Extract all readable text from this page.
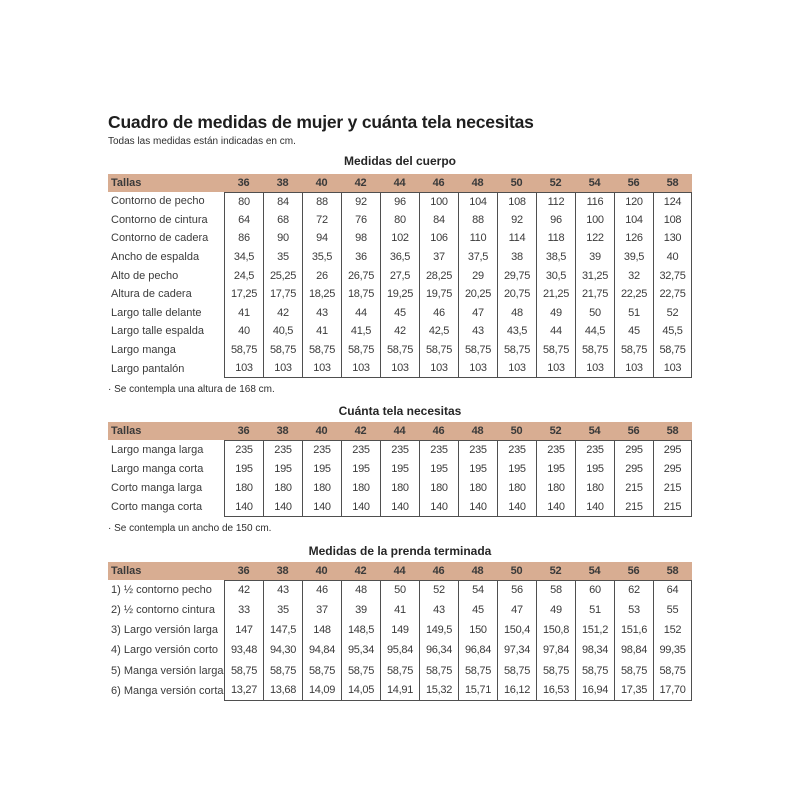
Cuadro de medidas de mujer y cuánta tela necesitas
Todas las medidas están indicadas en cm.
Medidas del cuerpo
Tallas	36	38	40	42	44	46	48	50	52	54	56	58
Contorno de pecho	80	84	88	92	96	100	104	108	112	116	120	124
Contorno de cintura	64	68	72	76	80	84	88	92	96	100	104	108
Contorno de cadera	86	90	94	98	102	106	110	114	118	122	126	130
Ancho de espalda	34,5	35	35,5	36	36,5	37	37,5	38	38,5	39	39,5	40
Alto de pecho	24,5	25,25	26	26,75	27,5	28,25	29	29,75	30,5	31,25	32	32,75
Altura de cadera	17,25	17,75	18,25	18,75	19,25	19,75	20,25	20,75	21,25	21,75	22,25	22,75
Largo talle delante	41	42	43	44	45	46	47	48	49	50	51	52
Largo talle espalda	40	40,5	41	41,5	42	42,5	43	43,5	44	44,5	45	45,5
Largo manga	58,75	58,75	58,75	58,75	58,75	58,75	58,75	58,75	58,75	58,75	58,75	58,75
Largo pantalón	103	103	103	103	103	103	103	103	103	103	103	103
· Se contempla una altura de 168 cm.
Cuánta tela necesitas
Tallas	36	38	40	42	44	46	48	50	52	54	56	58
Largo manga larga	235	235	235	235	235	235	235	235	235	235	295	295
Largo manga corta	195	195	195	195	195	195	195	195	195	195	295	295
Corto manga larga	180	180	180	180	180	180	180	180	180	180	215	215
Corto manga corta	140	140	140	140	140	140	140	140	140	140	215	215
· Se contempla un ancho de 150 cm.
Medidas de la prenda terminada
Tallas	36	38	40	42	44	46	48	50	52	54	56	58
1) ½ contorno pecho	42	43	46	48	50	52	54	56	58	60	62	64
2) ½ contorno cintura	33	35	37	39	41	43	45	47	49	51	53	55
3) Largo versión larga	147	147,5	148	148,5	149	149,5	150	150,4	150,8	151,2	151,6	152
4) Largo versión corto	93,48	94,30	94,84	95,34	95,84	96,34	96,84	97,34	97,84	98,34	98,84	99,35
5) Manga versión larga 58,75	58,75	58,75	58,75	58,75	58,75	58,75	58,75	58,75	58,75	58,75	58,75
6) Manga versión corta 13,27	13,68	14,09	14,05	14,91	15,32	15,71	16,12	16,53	16,94	17,35	17,70
